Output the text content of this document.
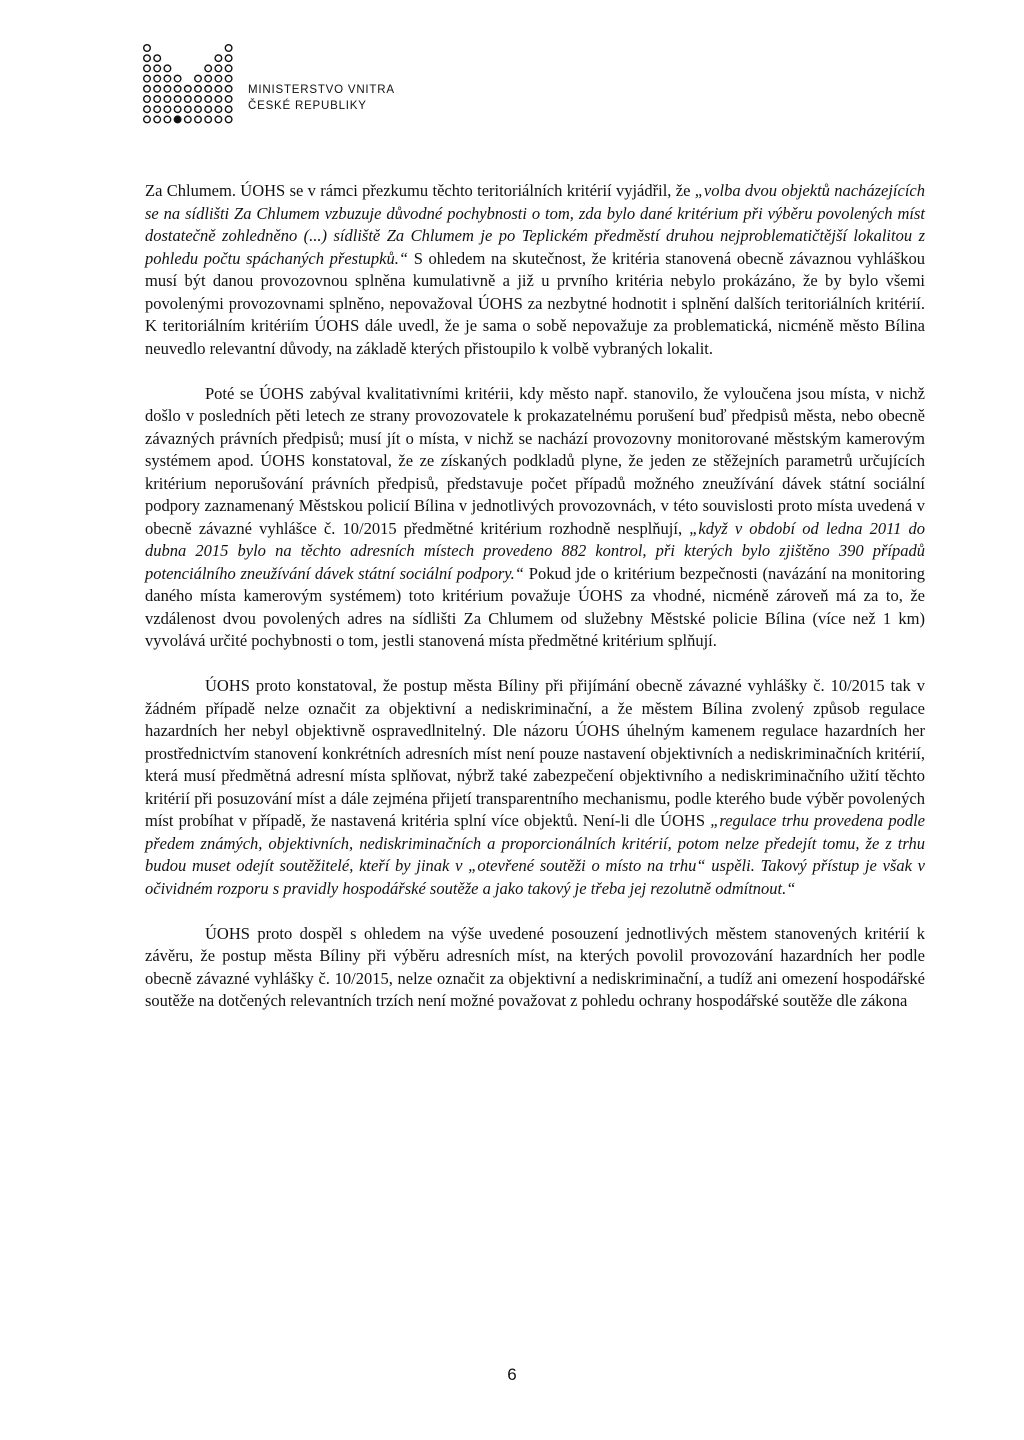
MINISTERSTVO VNITRA
ČESKÉ REPUBLIKY

Za Chlumem. ÚOHS se v rámci přezkumu těchto teritoriálních kritérií vyjádřil, že „volba dvou objektů nacházejících se na sídlišti Za Chlumem vzbuzuje důvodné pochybnosti o tom, zda bylo dané kritérium při výběru povolených míst dostatečně zohledněno (...) sídliště Za Chlumem je po Teplickém předměstí druhou nejproblematičtější lokalitou z pohledu počtu spáchaných přestupků.“ S ohledem na skutečnost, že kritéria stanovená obecně závaznou vyhláškou musí být danou provozovnou splněna kumulativně a již u prvního kritéria nebylo prokázáno, že by bylo všemi povolenými provozovnami splněno, nepovažoval ÚOHS za nezbytné hodnotit i splnění dalších teritoriálních kritérií. K teritoriálním kritériím ÚOHS dále uvedl, že je sama o sobě nepovažuje za problematická, nicméně město Bílina neuvedlo relevantní důvody, na základě kterých přistoupilo k volbě vybraných lokalit.

Poté se ÚOHS zabýval kvalitativními kritérii, kdy město např. stanovilo, že vyloučena jsou místa, v nichž došlo v posledních pěti letech ze strany provozovatele k prokazatelnému porušení buď předpisů města, nebo obecně závazných právních předpisů; musí jít o místa, v nichž se nachází provozovny monitorované městským kamerovým systémem apod. ÚOHS konstatoval, že ze získaných podkladů plyne, že jeden ze stěžejních parametrů určujících kritérium neporušování právních předpisů, představuje počet případů možného zneužívání dávek státní sociální podpory zaznamenaný Městskou policií Bílina v jednotlivých provozovnách, v této souvislosti proto místa uvedená v obecně závazné vyhlášce č. 10/2015 předmětné kritérium rozhodně nesplňují, „když v období od ledna 2011 do dubna 2015 bylo na těchto adresních místech provedeno 882 kontrol, při kterých bylo zjištěno 390 případů potenciálního zneužívání dávek státní sociální podpory.“ Pokud jde o kritérium bezpečnosti (navázání na monitoring daného místa kamerovým systémem) toto kritérium považuje ÚOHS za vhodné, nicméně zároveň má za to, že vzdálenost dvou povolených adres na sídlišti Za Chlumem od služebny Městské policie Bílina (více než 1 km) vyvolává určité pochybnosti o tom, jestli stanovená místa předmětné kritérium splňují.

ÚOHS proto konstatoval, že postup města Bíliny při přijímání obecně závazné vyhlášky č. 10/2015 tak v žádném případě nelze označit za objektivní a nediskriminační, a že městem Bílina zvolený způsob regulace hazardních her nebyl objektivně ospravedlnitelný. Dle názoru ÚOHS úhelným kamenem regulace hazardních her prostřednictvím stanovení konkrétních adresních míst není pouze nastavení objektivních a nediskriminačních kritérií, která musí předmětná adresní místa splňovat, nýbrž také zabezpečení objektivního a nediskriminačního užití těchto kritérií při posuzování míst a dále zejména přijetí transparentního mechanismu, podle kterého bude výběr povolených míst probíhat v případě, že nastavená kritéria splní více objektů. Není-li dle ÚOHS „regulace trhu provedena podle předem známých, objektivních, nediskriminačních a proporcionálních kritérií, potom nelze předejít tomu, že z trhu budou muset odejít soutěžitelé, kteří by jinak v „otevřené soutěži o místo na trhu“ uspěli. Takový přístup je však v očividném rozporu s pravidly hospodářské soutěže a jako takový je třeba jej rezolutně odmítnout.“

ÚOHS proto dospěl s ohledem na výše uvedené posouzení jednotlivých městem stanovených kritérií k závěru, že postup města Bíliny při výběru adresních míst, na kterých povolil provozování hazardních her podle obecně závazné vyhlášky č. 10/2015, nelze označit za objektivní a nediskriminační, a tudíž ani omezení hospodářské soutěže na dotčených relevantních trzích není možné považovat z pohledu ochrany hospodářské soutěže dle zákona

6
